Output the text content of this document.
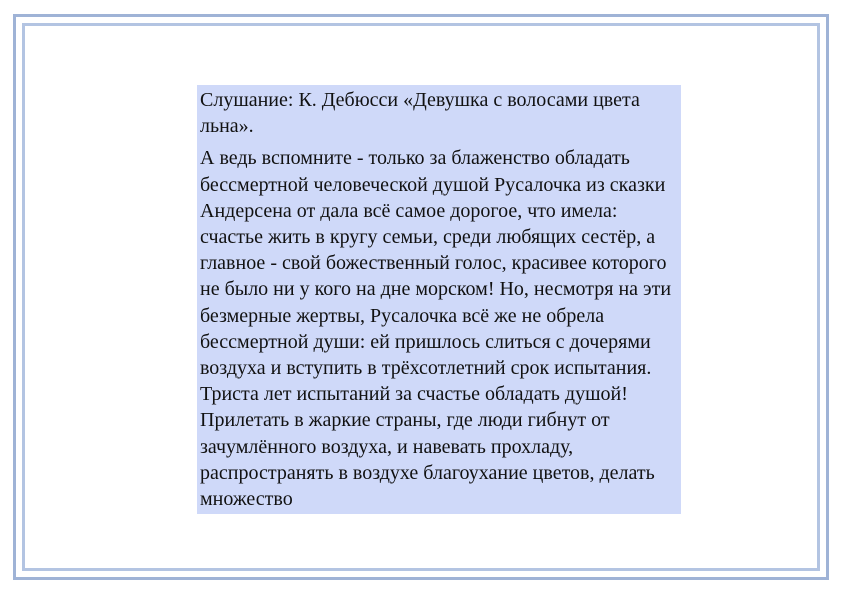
Слушание: К. Дебюсси «Девушка с волосами цвета льна».

А ведь вспомните - только за блаженство обладать бессмертной человеческой душой Русалочка из сказки Андерсена от дала всё самое дорогое, что имела: счастье жить в кругу семьи, среди любящих сестёр, а главное - свой божественный голос, красивее которого не было ни у кого на дне морском! Но, несмотря на эти безмерные жертвы, Русалочка всё же не обрела бессмертной души: ей пришлось слиться с дочерями воздуха и вступить в трёхсотлетний срок испытания. Триста лет испытаний за счастье обладать душой! Прилетать в жаркие страны, где люди гибнут от зачумлённого воздуха, и навевать прохладу, распространять в воздухе благоухание цветов, делать множество
